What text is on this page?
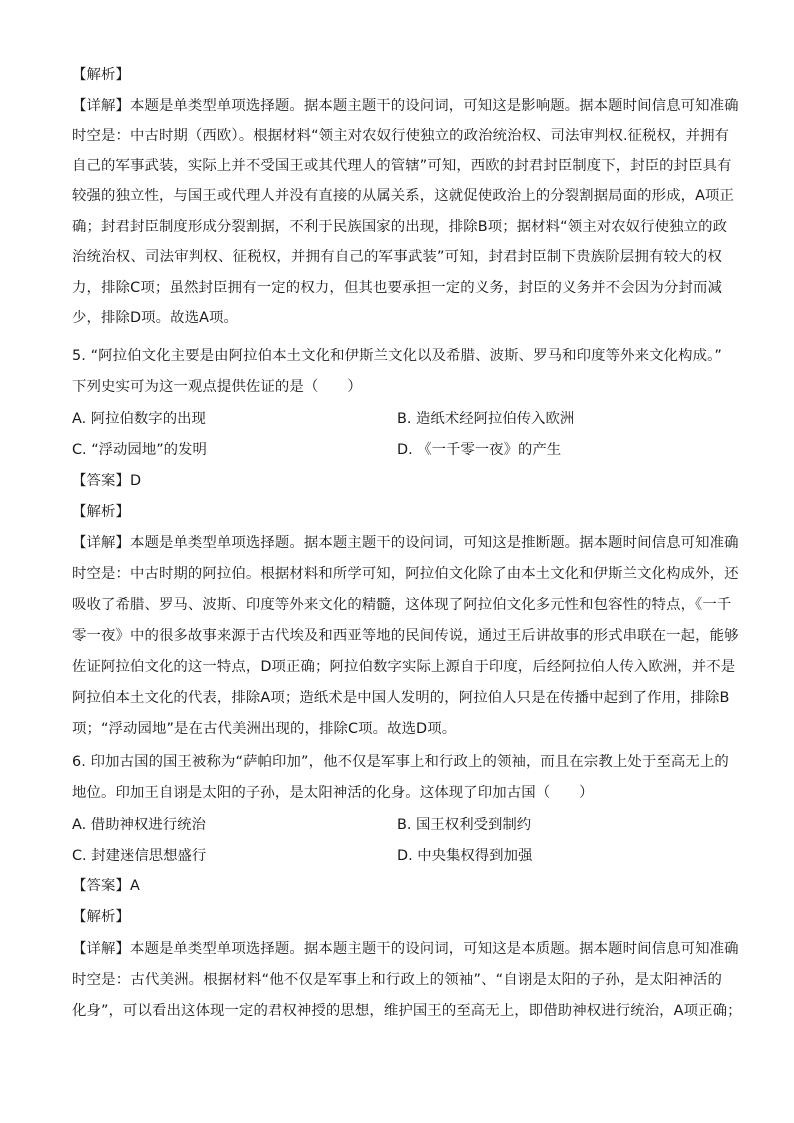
【解析】
【详解】本题是单类型单项选择题。据本题主题干的设问词，可知这是影响题。据本题时间信息可知准确
时空是：中古时期（西欧）。根据材料“领主对农奴行使独立的政治统治权、司法审判权.征税权，并拥有
自己的军事武装，实际上并不受国王或其代理人的管辖”可知，西欧的封君封臣制度下，封臣的封臣具有
较强的独立性，与国王或代理人并没有直接的从属关系，这就促使政治上的分裂割据局面的形成，A项正
确；封君封臣制度形成分裂割据，不利于民族国家的出现，排除B项；据材料“领主对农奴行使独立的政
治统治权、司法审判权、征税权，并拥有自己的军事武装”可知，封君封臣制下贵族阶层拥有较大的权
力，排除C项；虽然封臣拥有一定的权力，但其也要承担一定的义务，封臣的义务并不会因为分封而减
少，排除D项。故选A项。
5. “阿拉伯文化主要是由阿拉伯本土文化和伊斯兰文化以及希腊、波斯、罗马和印度等外来文化构成。”
下列史实可为这一观点提供佐证的是（　　）
A. 阿拉伯数字的出现	B. 造纸术经阿拉伯传入欧洲
C. “浮动园地”的发明	D. 《一千零一夜》的产生
【答案】D
【解析】
【详解】本题是单类型单项选择题。据本题主题干的设问词，可知这是推断题。据本题时间信息可知准确
时空是：中古时期的阿拉伯。根据材料和所学可知，阿拉伯文化除了由本土文化和伊斯兰文化构成外，还
吸收了希腊、罗马、波斯、印度等外来文化的精髓，这体现了阿拉伯文化多元性和包容性的特点，《一千
零一夜》中的很多故事来源于古代埃及和西亚等地的民间传说，通过王后讲故事的形式串联在一起，能够
佐证阿拉伯文化的这一特点，D项正确；阿拉伯数字实际上源自于印度，后经阿拉伯人传入欧洲，并不是
阿拉伯本土文化的代表，排除A项；造纸术是中国人发明的，阿拉伯人只是在传播中起到了作用，排除B
项；“浮动园地”是在古代美洲出现的，排除C项。故选D项。
6. 印加古国的国王被称为“萨帕印加”，他不仅是军事上和行政上的领袖，而且在宗教上处于至高无上的
地位。印加王自诩是太阳的子孙，是太阳神活的化身。这体现了印加古国（　　）
A. 借助神权进行统治	B. 国王权利受到制约
C. 封建迷信思想盛行	D. 中央集权得到加强
【答案】A
【解析】
【详解】本题是单类型单项选择题。据本题主题干的设问词，可知这是本质题。据本题时间信息可知准确
时空是：古代美洲。根据材料“他不仅是军事上和行政上的领袖”、“自诩是太阳的子孙，是太阳神活的
化身”，可以看出这体现一定的君权神授的思想，维护国王的至高无上，即借助神权进行统治，A项正确；
